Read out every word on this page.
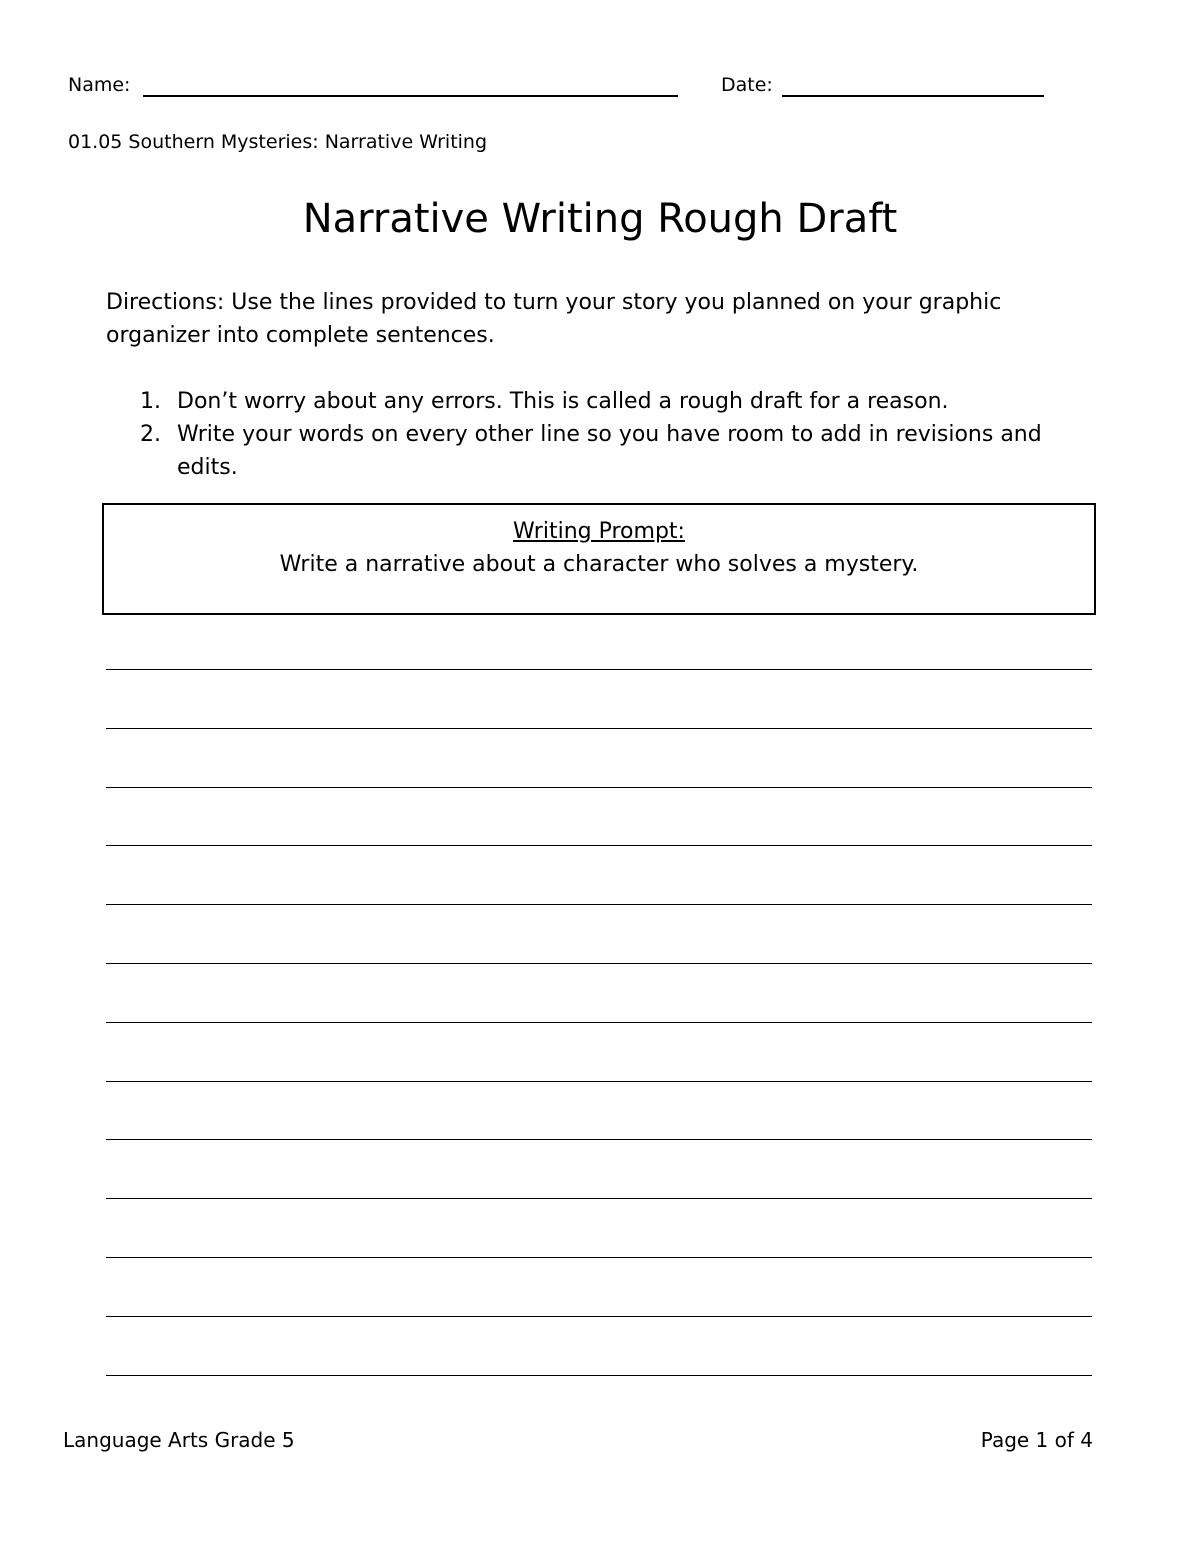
Name:	Date:
01.05 Southern Mysteries: Narrative Writing
Narrative Writing Rough Draft
Directions: Use the lines provided to turn your story you planned on your graphic organizer into complete sentences.
1. Don’t worry about any errors. This is called a rough draft for a reason.
2. Write your words on every other line so you have room to add in revisions and edits.
Writing Prompt:
Write a narrative about a character who solves a mystery.
Language Arts Grade 5	Page 1 of 4
